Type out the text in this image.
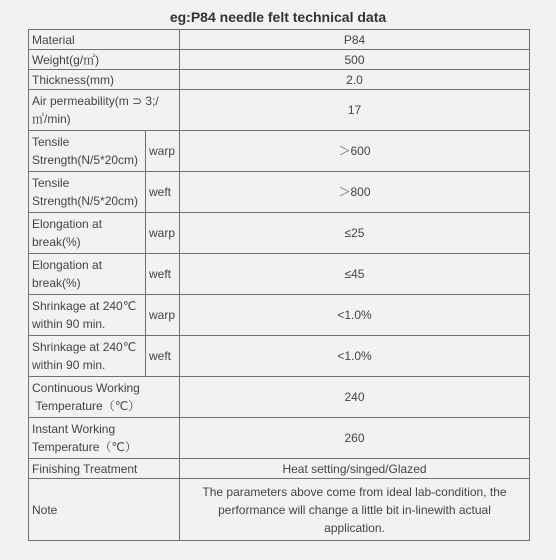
eg:P84 needle felt technical data
Material		P84
Weight(g/㎡)		500
Thickness(mm)		2.0

Air permeability(m ⊃ 3;/
㎡/min)		17

Tensile
Strength(N/5*20cm)	warp	＞600

Tensile
Strength(N/5*20cm)	weft	＞800

Elongation at
break(%)	warp	≤25

Elongation at
break(%)	weft	≤45

Shrinkage at 240℃
within 90 min.	warp	<1.0%

Shrinkage at 240℃
within 90 min.	weft	<1.0%

Continuous Working
Temperature（℃）		240

Instant Working
Temperature（℃）		260
Finishing Treatment		Heat setting/singed/Glazed
Note		The parameters above come from ideal lab-condition, the
performance will change a little bit in-linewith actual
application.
